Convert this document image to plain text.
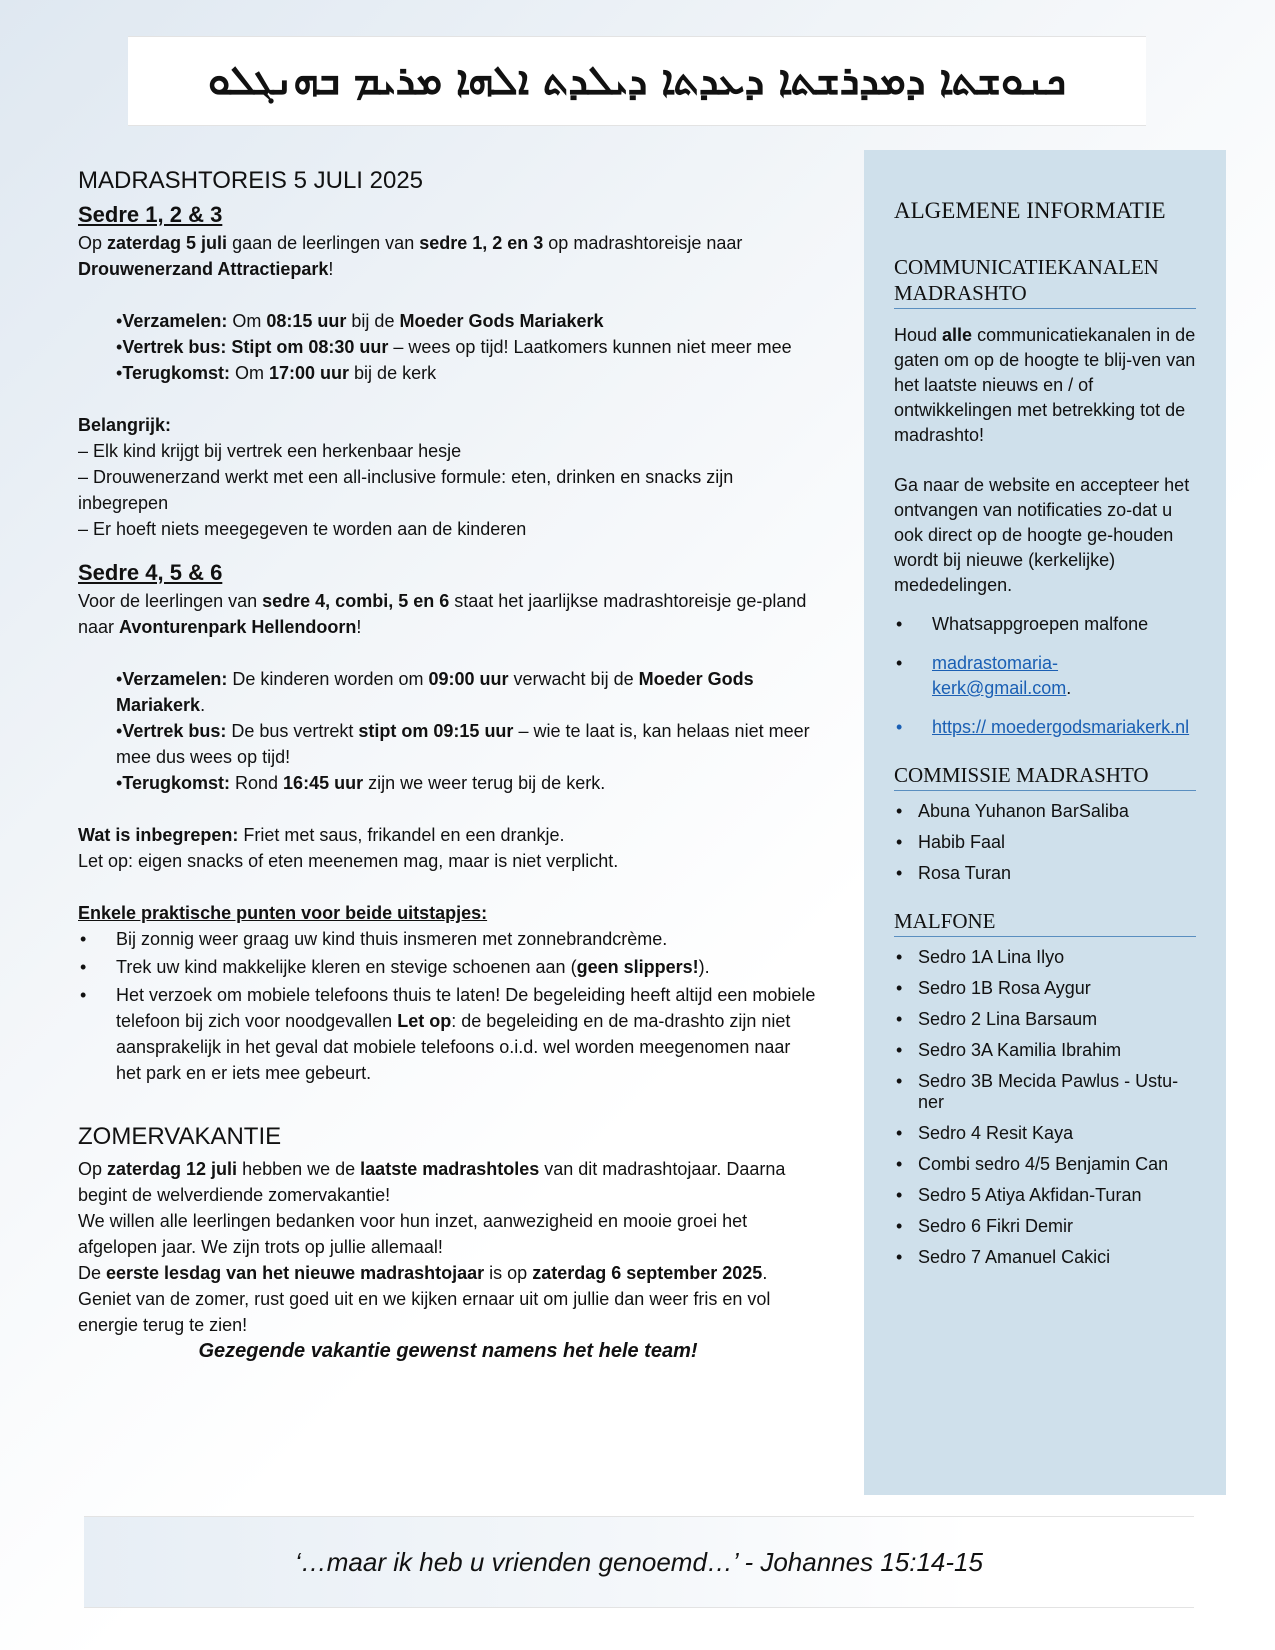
ܟܢܘܫܬܐ ܕܡܕܪܫܬܐ ܕܥܕܬܐ ܕܝܠܕܬ ܐܠܗܐ ܡܪܝܡ ܒܗܢܓܠܘ
MADRASHTOREIS 5 JULI 2025
Sedre 1, 2 & 3

Op zaterdag 5 juli gaan de leerlingen van sedre 1, 2 en 3 op madrashtoreisje naar Drouwenerzand Attractiepark!

•Verzamelen: Om 08:15 uur bij de Moeder Gods Mariakerk

•Vertrek bus: Stipt om 08:30 uur – wees op tijd! Laatkomers kunnen niet meer mee

•Terugkomst: Om 17:00 uur bij de kerk

Belangrijk:

– Elk kind krijgt bij vertrek een herkenbaar hesje

– Drouwenerzand werkt met een all-inclusive formule: eten, drinken en snacks zijn inbegrepen

– Er hoeft niets meegegeven te worden aan de kinderen

Sedre 4, 5 & 6

Voor de leerlingen van sedre 4, combi, 5 en 6 staat het jaarlijkse madrashtoreisje ge-pland naar Avonturenpark Hellendoorn!

•Verzamelen: De kinderen worden om 09:00 uur verwacht bij de Moeder Gods Mariakerk.

•Vertrek bus: De bus vertrekt stipt om 09:15 uur – wie te laat is, kan helaas niet meer mee dus wees op tijd!

•Terugkomst: Rond 16:45 uur zijn we weer terug bij de kerk.

Wat is inbegrepen: Friet met saus, frikandel en een drankje.

Let op: eigen snacks of eten meenemen mag, maar is niet verplicht.

Enkele praktische punten voor beide uitstapjes:

• Bij zonnig weer graag uw kind thuis insmeren met zonnebrandcrème.
• Trek uw kind makkelijke kleren en stevige schoenen aan (geen slippers!).
• Het verzoek om mobiele telefoons thuis te laten! De begeleiding heeft altijd een mobiele telefoon bij zich voor noodgevallen Let op: de begeleiding en de ma-drashto zijn niet aansprakelijk in het geval dat mobiele telefoons o.i.d. wel worden meegenomen naar het park en er iets mee gebeurt.
ZOMERVAKANTIE

Op zaterdag 12 juli hebben we de laatste madrashtoles van dit madrashtojaar. Daarna begint de welverdiende zomervakantie!

We willen alle leerlingen bedanken voor hun inzet, aanwezigheid en mooie groei het afgelopen jaar. We zijn trots op jullie allemaal!

De eerste lesdag van het nieuwe madrashtojaar is op zaterdag 6 september 2025.

Geniet van de zomer, rust goed uit en we kijken ernaar uit om jullie dan weer fris en vol energie terug te zien!

Gezegende vakantie gewenst namens het hele team!

ALGEMENE INFORMATIE
COMMUNICATIEKANALEN MADRASHTO

Houd alle communicatiekanalen in de gaten om op de hoogte te blij-ven van het laatste nieuws en / of ontwikkelingen met betrekking tot de madrashto!

Ga naar de website en accepteer het ontvangen van notificaties zo-dat u ook direct op de hoogte ge-houden wordt bij nieuwe (kerkelijke) mededelingen.

• Whatsappgroepen malfone
• madrastomaria-kerk@gmail.com.
• https:// moedergodsmariakerk.nl
COMMISSIE MADRASHTO
• Abuna Yuhanon BarSaliba
• Habib Faal
• Rosa Turan
MALFONE
• Sedro 1A Lina Ilyo
• Sedro 1B Rosa Aygur
• Sedro 2 Lina Barsaum
• Sedro 3A Kamilia Ibrahim
• Sedro 3B Mecida Pawlus - Ustu-ner
• Sedro 4 Resit Kaya
• Combi sedro 4/5 Benjamin Can
• Sedro 5 Atiya Akfidan-Turan
• Sedro 6 Fikri Demir
• Sedro 7 Amanuel Cakici
‘…maar ik heb u vrienden genoemd…’ - Johannes 15:14-15
